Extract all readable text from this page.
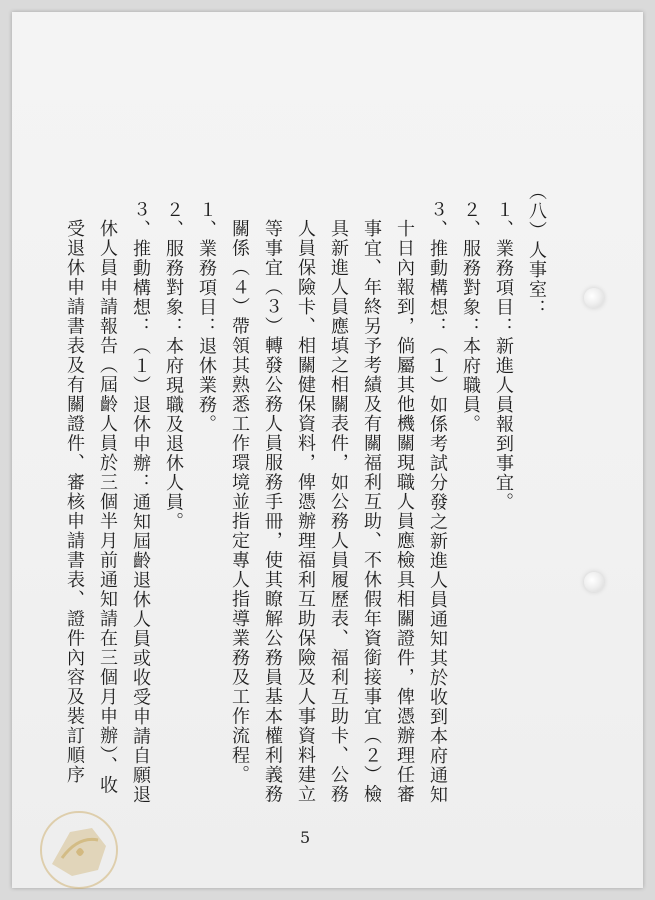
（八）人事室：
１、業務項目：新進人員報到事宜。
２、服務對象：本府職員。
３、推動構想：（１）如係考試分發之新進人員通知其於收到本府通知
十日內報到，倘屬其他機關現職人員應檢具相關證件，俾憑辦理任審
事宜、年終另予考績及有關福利互助、不休假年資銜接事宜（２）檢
具新進人員應填之相關表件，如公務人員履歷表、福利互助卡、公務
人員保險卡、相關健保資料，俾憑辦理福利互助保險及人事資料建立
等事宜（３）轉發公務人員服務手冊，使其瞭解公務員基本權利義務
關係（４）帶領其熟悉工作環境並指定專人指導業務及工作流程。
１、業務項目：退休業務。
２、服務對象：本府現職及退休人員。
３、推動構想：（１）退休申辦：通知屆齡退休人員或收受申請自願退
休人員申請報告（屆齡人員於三個半月前通知請在三個月申辦）、收
受退休申請書表及有關證件、審核申請書表、證件內容及裝訂順序
5
